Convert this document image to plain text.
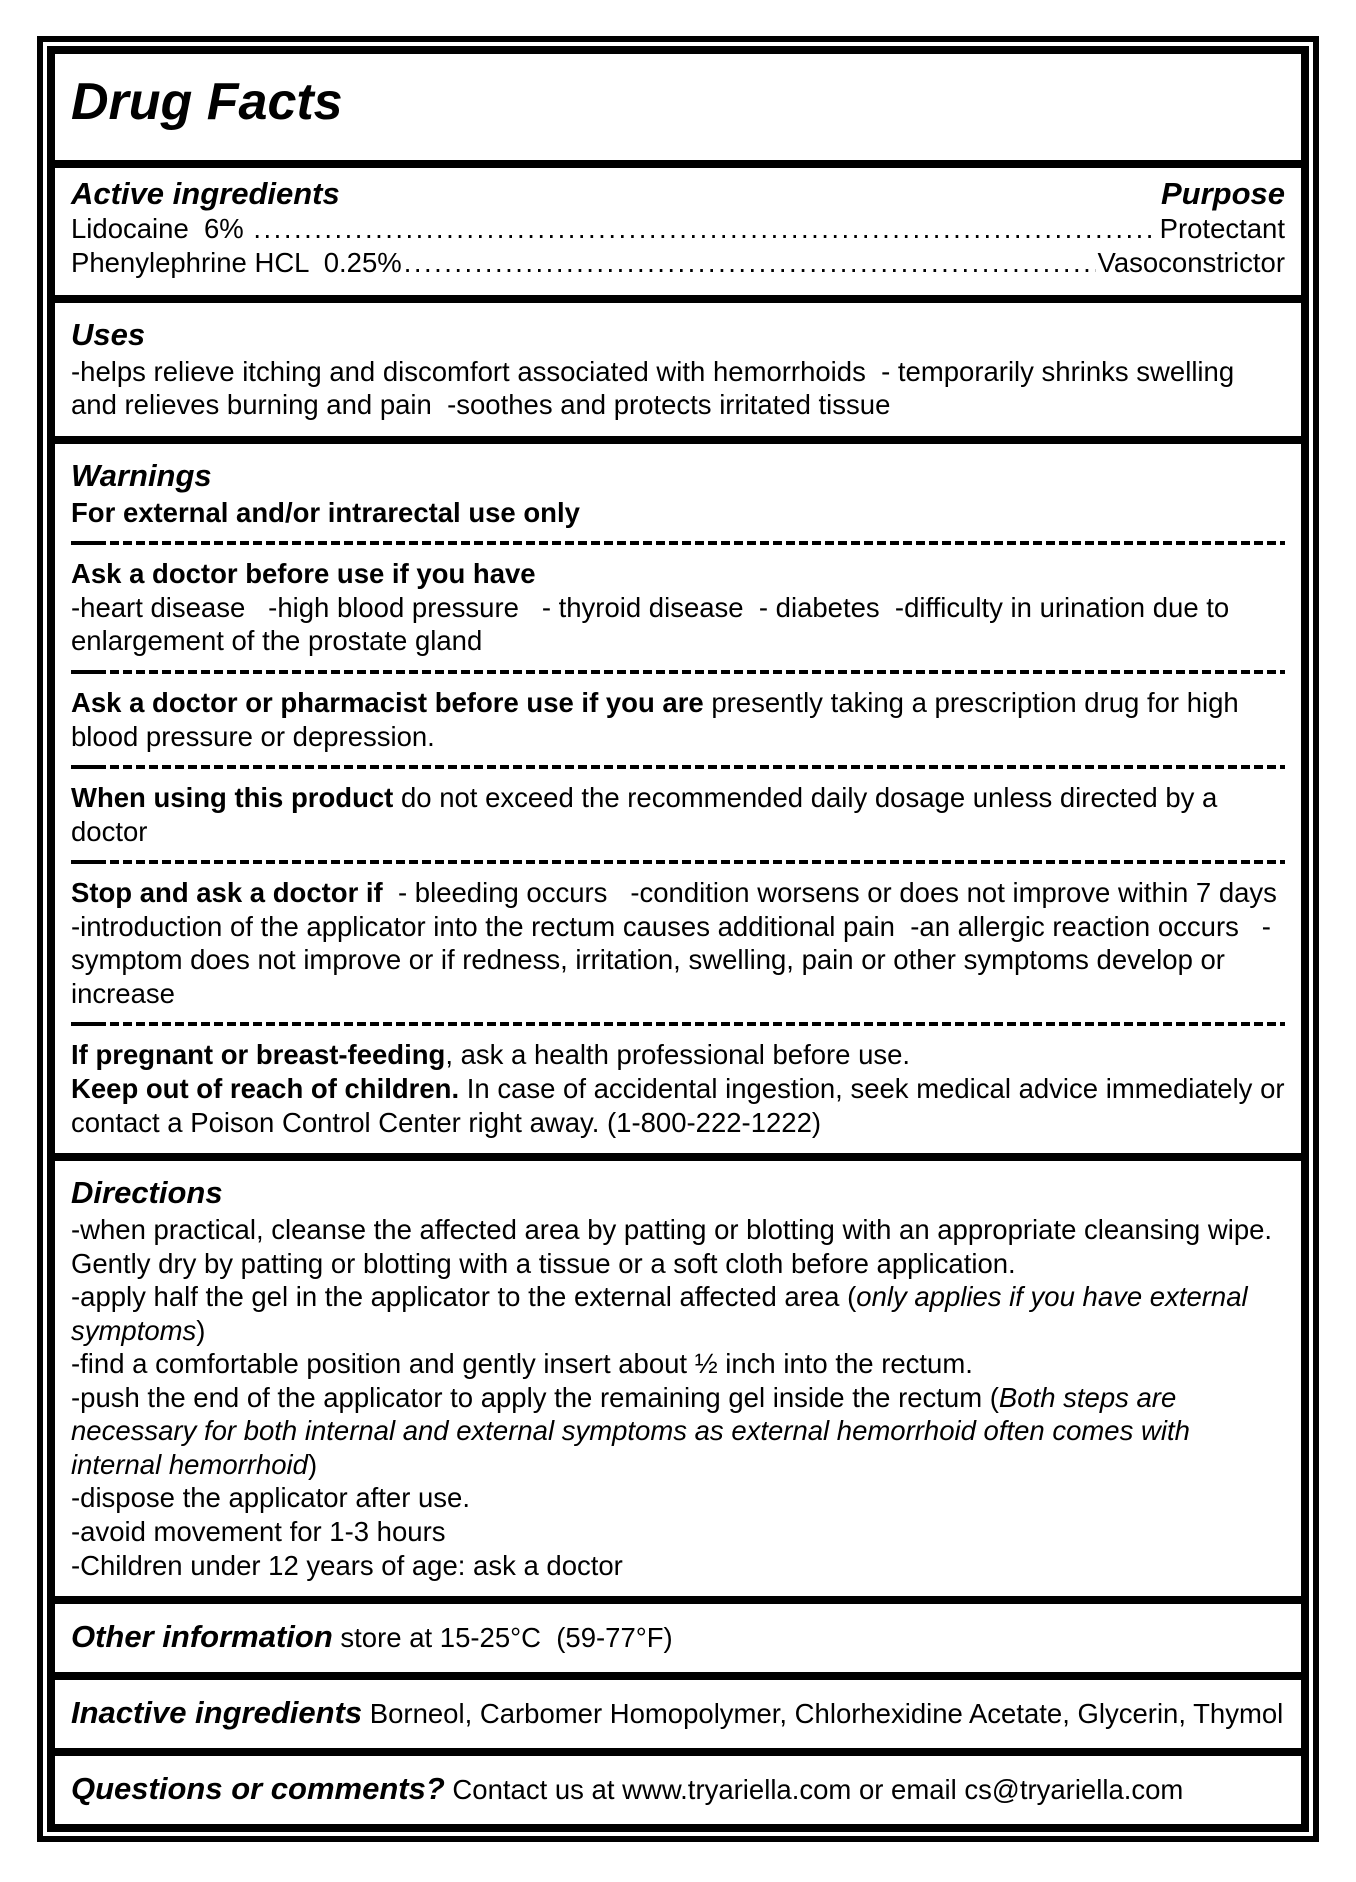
Drug Facts
Active ingredients	Purpose
Lidocaine  6% .....	Protectant
Phenylephrine HCL  0.25% .....	Vasoconstrictor
Uses

-helps relieve itching and discomfort associated with hemorrhoids  - temporarily shrinks swelling and relieves burning and pain  -soothes and protects irritated tissue

Warnings

For external and/or intrarectal use only

Ask a doctor before use if you have

-heart disease   -high blood pressure   - thyroid disease  - diabetes  -difficulty in urination due to enlargement of the prostate gland

Ask a doctor or pharmacist before use if you are presently taking a prescription drug for high blood pressure or depression.

When using this product do not exceed the recommended daily dosage unless directed by a doctor

Stop and ask a doctor if  - bleeding occurs   -condition worsens or does not improve within 7 days -introduction of the applicator into the rectum causes additional pain  -an allergic reaction occurs   - symptom does not improve or if redness, irritation, swelling, pain or other symptoms develop or increase

If pregnant or breast-feeding, ask a health professional before use.

Keep out of reach of children. In case of accidental ingestion, seek medical advice immediately or contact a Poison Control Center right away. (1-800-222-1222)

Directions

-when practical, cleanse the affected area by patting or blotting with an appropriate cleansing wipe. Gently dry by patting or blotting with a tissue or a soft cloth before application.

-apply half the gel in the applicator to the external affected area (only applies if you have external symptoms)

-find a comfortable position and gently insert about ½ inch into the rectum.

-push the end of the applicator to apply the remaining gel inside the rectum (Both steps are necessary for both internal and external symptoms as external hemorrhoid often comes with internal hemorrhoid)

-dispose the applicator after use.

-avoid movement for 1-3 hours

-Children under 12 years of age: ask a doctor

Other information store at 15-25°C  (59-77°F)

Inactive ingredients Borneol, Carbomer Homopolymer, Chlorhexidine Acetate, Glycerin, Thymol

Questions or comments? Contact us at www.tryariella.com or email cs@tryariella.com
